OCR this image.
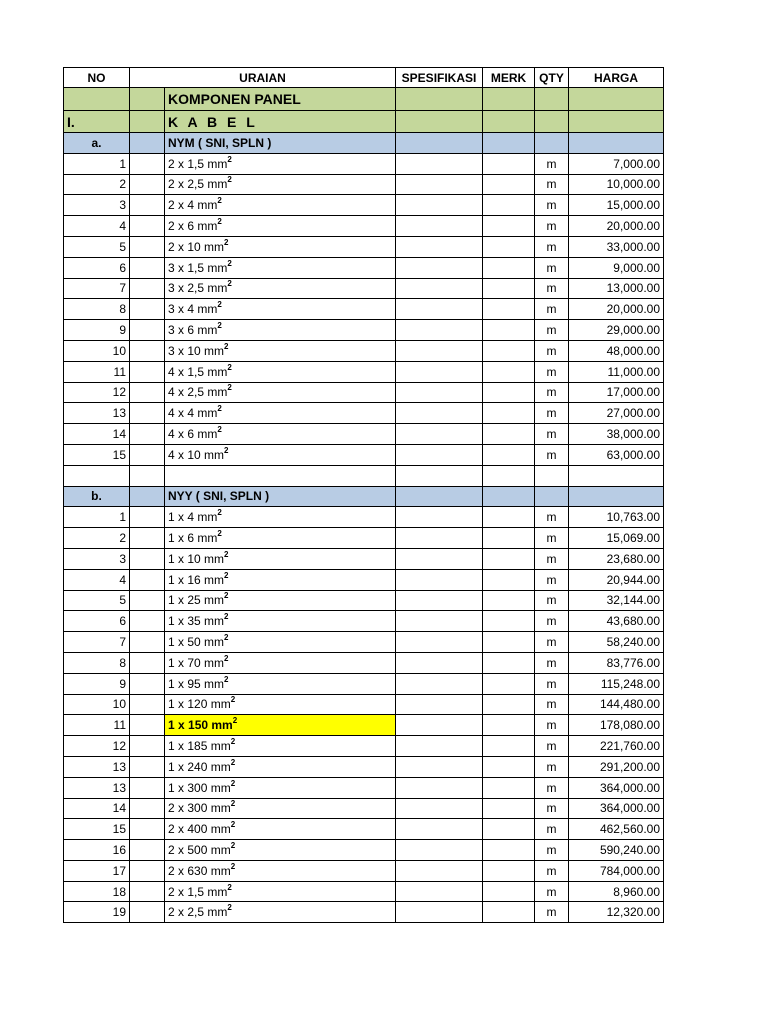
NO	URAIAN		SPESIFIKASI	MERK	QTY	HARGA
		KOMPONEN PANEL				
I.		K A B E L				
a.		NYM ( SNI, SPLN )				
1		2 x 1,5 $mm^2$			m	7,000.00
2		2 x 2,5 $mm^2$			m	10,000.00
3		2 x 4 $mm^2$			m	15,000.00
4		2 x 6 $mm^2$			m	20,000.00
5		2 x 10 $mm^2$			m	33,000.00
6		3 x 1,5 $mm^2$			m	9,000.00
7		3 x 2,5 $mm^2$			m	13,000.00
8		3 x 4 $mm^2$			m	20,000.00
9		3 x 6 $mm^2$			m	29,000.00
10		3 x 10 $mm^2$			m	48,000.00
11		4 x 1,5 $mm^2$			m	11,000.00
12		4 x 2,5 $mm^2$			m	17,000.00
13		4 x 4 $mm^2$			m	27,000.00
14		4 x 6 $mm^2$			m	38,000.00
15		4 x 10 $mm^2$			m	63,000.00

b.		NYY ( SNI, SPLN )				
1		1 x 4 $mm^2$			m	10,763.00
2		1 x 6 $mm^2$			m	15,069.00
3		1 x 10 $mm^2$			m	23,680.00
4		1 x 16 $mm^2$			m	20,944.00
5		1 x 25 $mm^2$			m	32,144.00
6		1 x 35 $mm^2$			m	43,680.00
7		1 x 50 $mm^2$			m	58,240.00
8		1 x 70 $mm^2$			m	83,776.00
9		1 x 95 $mm^2$			m	115,248.00
10		1 x 120 $mm^2$			m	144,480.00
11		1 x 150 $mm^2$			m	178,080.00
12		1 x 185 $mm^2$			m	221,760.00
13		1 x 240 $mm^2$			m	291,200.00
13		1 x 300 $mm^2$			m	364,000.00
14		2 x 300 $mm^2$			m	364,000.00
15		2 x 400 $mm^2$			m	462,560.00
16		2 x 500 $mm^2$			m	590,240.00
17		2 x 630 $mm^2$			m	784,000.00
18		2 x 1,5 $mm^2$			m	8,960.00
19		2 x 2,5 $mm^2$			m	12,320.00
